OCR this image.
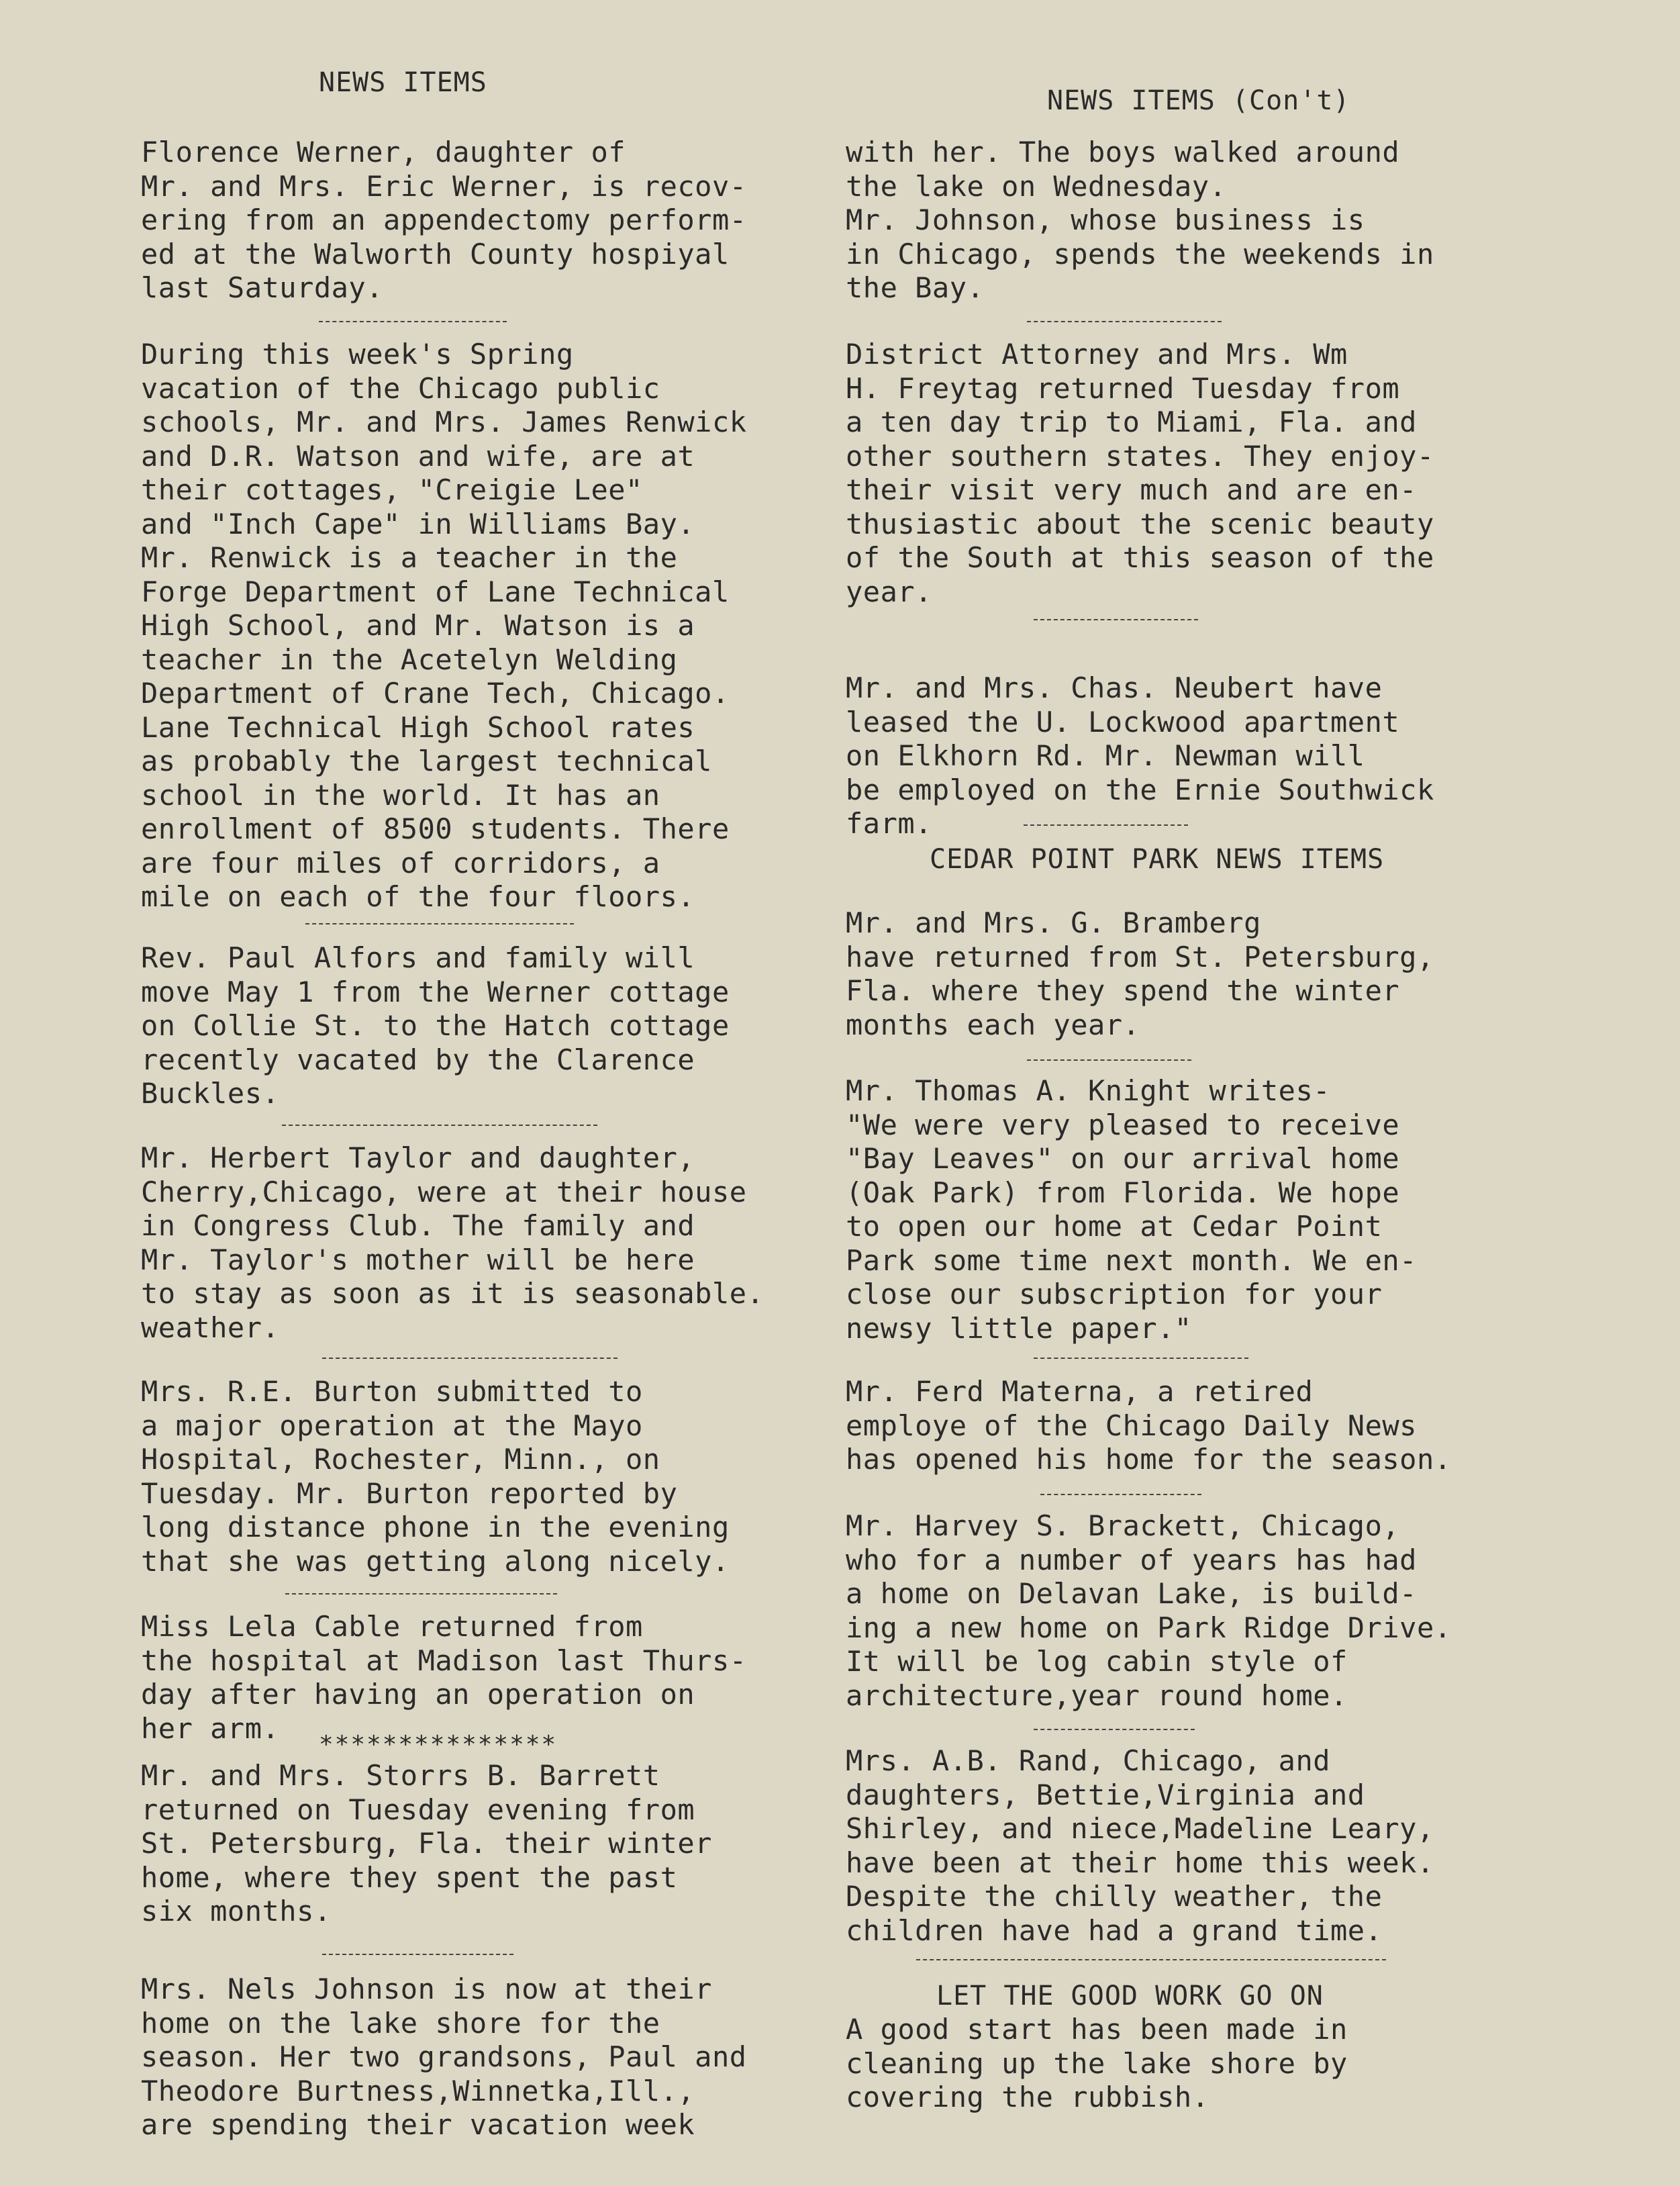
NEWS ITEMS

Florence Werner, daughter of
Mr. and Mrs. Eric Werner, is recov-
ering from an appendectomy perform-
ed at the Walworth County hospiyal
last Saturday.

During this week's Spring
vacation of the Chicago public
schools, Mr. and Mrs. James Renwick
and D.R. Watson and wife, are at
their cottages, "Creigie Lee"
and "Inch Cape" in Williams Bay.
Mr. Renwick is a teacher in the
Forge Department of Lane Technical
High School, and Mr. Watson is a
teacher in the Acetelyn Welding
Department of Crane Tech, Chicago.
Lane Technical High School rates
as probably the largest technical
school in the world. It has an
enrollment of 8500 students. There
are four miles of corridors, a
mile on each of the four floors.

Rev. Paul Alfors and family will
move May 1 from the Werner cottage
on Collie St. to the Hatch cottage
recently vacated by the Clarence
Buckles.

Mr. Herbert Taylor and daughter,
Cherry,Chicago, were at their house
in Congress Club. The family and
Mr. Taylor's mother will be here
to stay as soon as it is seasonable.
weather.

Mrs. R.E. Burton submitted to
a major operation at the Mayo
Hospital, Rochester, Minn., on
Tuesday. Mr. Burton reported by
long distance phone in the evening
that she was getting along nicely.

Miss Lela Cable returned from
the hospital at Madison last Thurs-
day after having an operation on
her arm.	***************

Mr. and Mrs. Storrs B. Barrett
returned on Tuesday evening from
St. Petersburg, Fla. their winter
home, where they spent the past
six months.

Mrs. Nels Johnson is now at their
home on the lake shore for the
season. Her two grandsons, Paul and
Theodore Burtness,Winnetka,Ill.,
are spending their vacation week

NEWS ITEMS (Con't)

with her. The boys walked around
the lake on Wednesday.
Mr. Johnson, whose business is
in Chicago, spends the weekends in
the Bay.

District Attorney and Mrs. Wm
H. Freytag returned Tuesday from
a ten day trip to Miami, Fla. and
other southern states. They enjoy-
their visit very much and are en-
thusiastic about the scenic beauty
of the South at this season of the
year.

Mr. and Mrs. Chas. Neubert have
leased the U. Lockwood apartment
on Elkhorn Rd. Mr. Newman will
be employed on the Ernie Southwick
farm.

CEDAR POINT PARK NEWS ITEMS

Mr. and Mrs. G. Bramberg
have returned from St. Petersburg,
Fla. where they spend the winter
months each year.

Mr. Thomas A. Knight writes-
"We were very pleased to receive
"Bay Leaves" on our arrival home
(Oak Park) from Florida. We hope
to open our home at Cedar Point
Park some time next month. We en-
close our subscription for your
newsy little paper."

Mr. Ferd Materna, a retired
employe of the Chicago Daily News
has opened his home for the season.

Mr. Harvey S. Brackett, Chicago,
who for a number of years has had
a home on Delavan Lake, is build-
ing a new home on Park Ridge Drive.
It will be log cabin style of
architecture,year round home.

Mrs. A.B. Rand, Chicago, and
daughters, Bettie,Virginia and
Shirley, and niece,Madeline Leary,
have been at their home this week.
Despite the chilly weather, the
children have had a grand time.

LET THE GOOD WORK GO ON

A good start has been made in
cleaning up the lake shore by
covering the rubbish.
